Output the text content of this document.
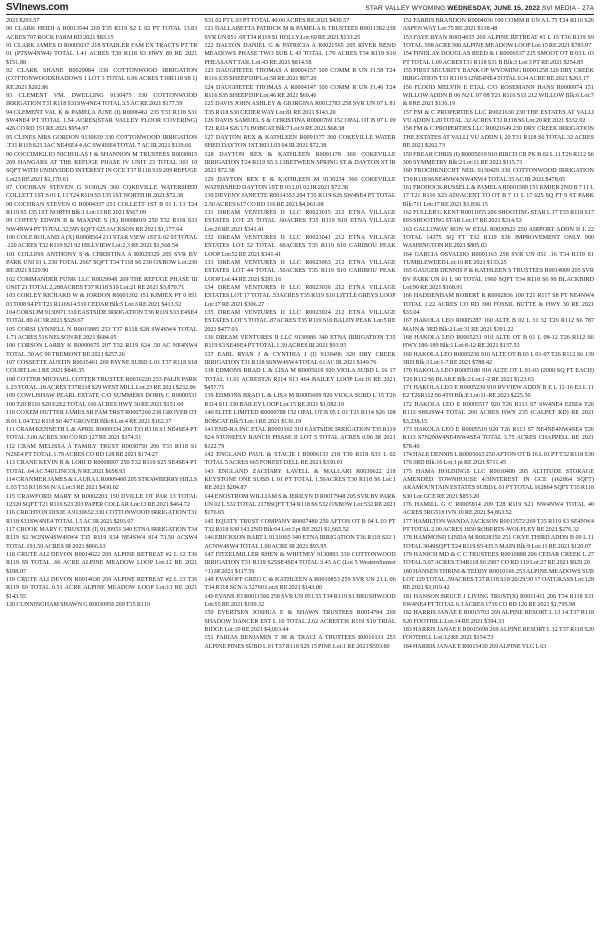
SVInews.com	STAR VALLEY WYOMING WEDNESDAY, JUNE 15, 2022 SVI MEDIA - 27A

2021 $293.57

90 CLARK HEIDI A R0013544 269 T35 R119 S2 L 02 PT TOTAL 13.83 ACRES 707 ROCK FARM RD 2021 $83.15

91 CLARK JAMES D R0005037 218 STADLER FAM EX TRACTS PT TR 01 (PTSW4NW4) TOTAL 1.41 ACRES T30 R118 S3 HWY 89 RE 2021 $151.88

92 CLARK SHANE R0029084 330 COTTONWOOD IRRIGATION (COTTONWOODSHADOWS 1 LOT 3 TOTAL 6.06 ACRES T30R118 S8 1) RE 2021 $202.86

93 CLEMENT VM. DWELLING 9130475 330 COTTONWOOD IRRIGATION T31 R118 S31SW4NE4 TOTAL 3.5 AC RE 2021 $177.59

94 CLEMENT VAL K & PAMELA JUNE (I) R0006461 235 T31 R118 S31 SW4NE4 PT TOTAL 1.54 ACRES(STAR VALLEY FLOOR COVERING) 426 CO RD 151 RE 2021 $954.97

95 CLINES MRS GORDON 9130639 330 COTTONWOOD IRRIGATION .T31 R119 S23 3AC NE4SE4 4 AC SW4NE4 TOTAL 7 AC IR 2021 $119.66

96 COCCIMIGLIO NICHOLAS I & SHANNON M TRUSTEES R0030815 269 HANGARS AT THE REFUGE PHASE IV UNIT 23 TOTAL 301 10 SQFT WITH UNDIVIDED INTEREST IN GCE T37 R118 S19 209 REFUGE Lot23 RE 2021 $2,170.61

97 COCHRAN STEVEN G 9130129 360 COKEVILLE WATERSHED COLLETT 1ST S 01 L 13 T24 R119 S5 135 1ST NORTH IR 2021 $72.38

98 COCHRAN STEVEN G R0004337 251 COLLETT 1ST B 01 L 13 T24 R119 S5 135 1ST NORTH Blk:1 Lot:13 RE 2021 $567.09

99 COFFEY EDWIN B & MAXINE S (X) R0008019 250 T32 R118 S33 NW4NW4 PT TOTAL 32,595 SQFT 625 JACKSON RE 2021 $1,177.64

100 COLE ROLAND A (X) R0008564 211 STAR VIEW 1ST L 02 03 TOTAL .120 ACRES T32 R119 S21 92 HILLVIEW Lot:2,3 RE 2021 $1,568.54

101 COLLINS ANTHONY S & CHRISTINA A R0029329 205 SVR BV PARK UNI 01 L 230 TOTAL 2667 SQFT T34 T118 S6 230 OXBOW Lot:230 RE 2021 $129.90

102 COMMANDER FUNK LLC R0029948 269 THE REFUGE PHASE III UNIT 21 TOTAL 2,288ACRES T37 R118 S19 Lot:21 RE 2021 $3,870.71

103 CORLEY RICHARD W & JORDON R0001392 151 KIMIEX PT 0 851 03 T008 94 PT T21 R116S14 510 CEDAR Blk:5 Lot:3 RE 2021 $413.52

104 CORSI JM 9130971 310 EASTSIDE IRRIGATION T36 R119 S33 E4SE4 TOTAL 80 AC IR 2021 $329.67

105 CORSI LYNNELL N R0015885 253 T37 R118 S28 SW4SW4 TOTAL 1.71 ACRES 516 NELSON RE 2021 $684.05

106 CORSON LARRY K R0000675 207 T32 R119 S24 .50 AC NE4NW4 TOTAL .50 AC 90 TREMONT RE 2021 $257.26

107 COSSETTE AUSTIN R0015461 269 PAYNE SUBD L 01 T37 R118 S18 COURT Lot:1 RE 2021 $840.35

108 COTTER MICHAEL COTTER TRUSTEE R0016220 253 PALIS PARK L 23 TOTAL .18 ACRES T37R118 S29 WEST MILL Lot:23 RE 2021 $232.96

109 COWLISHAW PEARL ESTATE C/O SUMMERS DORIS C R0000531 100 T20 R116 S20 E2E2 TOTAL 160 ACRES HWY 30 RE 2021 $151.60

110 COXEM HUTTER JAMES SR FAM TRST R0007260 238 GROVER OT B 01 L 04 T32 R118 S6 467 GROVER Blk:8 Lot:4 RE 2021 $162.37

111 CRAM KENNETH L & APRIL R0009334 206 T33 R118 S1 NE4SE4 PT TOTAL 3.00 ACRES 300 CO RD 127 RE 2021 $374.51

112 CRAM MELISSA A FAMILY TRUST R0030750 206 T33 R118 S1 N2SE4 PT TOTAL 1.79 ACRES CO RD 128 RE 2021 $174.27

113 CRANE KEVIN R & LORI D R0008007 250 T32 R119 S25 SE4SE4 PT TOTAL .64 AC 540 LINCOLN RE 2021 $658.93

114 CRANMER JAMES & LAURA L R0009400 205 STRAWBERRY HILLS L 03 T33 R118 S6 N/A Lot:3 RE 2021 $430.02

115 CRAWFORD MARY M R0002203 150 DVILLE OT PAR 13 TOTAL 12320 SQFT T21 R116 S23 203 PAPER COLLAR Lot:13 RE 2021 $464.72

116 CRICHTON DIXIE A 9130652 330 COTTONWOOD IRRIGATION T31 R118 S31SW4NE4 TOTAL 1.5 AC IR 2021 $203.07

117 CROOK MARY C TRUSTEE (I) 9130951 340 ETNA IRRIGATION T34 R119 S2 W2NW4SW4SW4 T35 R119 S34 NE4SW4 S14 73.50 ACSW4 TOTAL 191.50 ACRES IR 2021 $866.63

118 CRUTE ALI DEVON R0014622 269 ALPINE RETREAT #2 L 12 T36 R119 S9 TOTAL .66 ACRE ALPINE MEADOW LOOP Lot:12 RE 2021 $188.07

119 CRUTE ALI DEVON R0014630 269 ALPINE RETREAT #2 L 13 T36 R119 S9 TOTAL 0.51 ACRE ALPINE MEADOW LOOP Lot:13 RE 2021 $143.55

120 CUNNINGHAM SHAWN G R0030956 269 T35 R119

S31.02 PT L 03 PT TOTAL 40.00 ACRES RE 2021 $430.57

121 DALLABETTA PATRICK M & PAMELA K TRUSTEES R0011382 238 SVR UN 051 .69 T34 R119 S1 HOLLY Lot:69 RE 2021 $133.25

122 DALTON DANIEL G & PATRICIA A R0021565 205 RIVER BEND MEADOWS PHASE TWO SUB L 43 TOTAL 1.70 ACRES T34 R119 S10 PHEASANT TAIL Lot:43 RE 2021 $814.58

123 DAUGHETEE THOMAS A R0004157 100 COMM R UN J1.58 T24 R116 S35 SHEEP DIP Lot:58 RE 2021 $97.20

124 DAUGHETEE THOMAS A R0004147 100 COMM R UN J1.46 T24 R116 S35 SHEEP DIP Lot:46 RE 2021 $69.46

125 DAVIS JOHN ASHLEY & GIORGINA R0012783 258 SVR UN 07 L 81 T35 R118 S30 CEDER WAY Lot:81 RE 2021 $143.20

126 DAVIS SAMUEL S & CHRISTINA R0000769 152 OPAL OT B 07 L 09 T21 R114 S26 171 BOBCAT Blk:7 Lot:9 RE 2021 $68.38

127 DAYTON REX & KATHLEEN R0091177 360 COKEVILLE WATER SHED DAYTON 1ST B03 L03 04 IR 2021 $72.38

128 DAYTON REX & KATHLEEN R0091178 360 COKEVILLE IRRIGATION T24 R119 S5 3.13BETWEEN SPRING ST & DAYTON ST IR 2021 $72.38

129 DAYTON REX E & KATHLEEN M 9130234 360 COKEVILLE WATERSHED DAYTON 1ST B 03 L01 02 IR 2021 $72.38

130 DEVENY JANETTE R0014353 204 T35 R119 S26 SW4SE4 PT TOTAL 2.50 ACRES 617 CO RD 116 RE 2021 $4,061.08

131 DREAM VENTURES II LLC R0023015 212 ETNA VILLAGE ESTATES LOT 25 TOTAL .60ACRES T35 R119 S10 ETNA VILLAGE Lot:26 RE 2021 $341.41

132 DREAM VENTURES II LLC R0023041 212 ETNA VILLAGE ESTATES LOT 52 TOTAL .60ACRES T35 R119 S10 CARIBOU PEAK LOOP Lot:52 RE 2021 $341.41

133 DREAM VENTURES II LLC R0023063 212 ETNA VILLAGE ESTATES LOT 44 TOTAL .50ACRES T35 R119 S10 CARIBOU PEAK LOOP Lot:44 RE 2021 $291.16

134 DREAM VENTURES II LLC R0023036 212 ETNA VILLAGE ESTATES LOT 17 TOTAL .53ACRES T35 R119 S10 LITTLE GREYS LOOP Lot:17 RE 2021 $306.27

135 DREAM VENTURES II LLC R0023024 212 ETNA VILLAGE ESTATES LOT 5 TOTAL .87ACRES T35 R119 S10 BALDY PEAK Lot:5 RE 2021 $477.03

136 DREAM VENTURES II LLC 9130986 340 ETNA IRRIGATION T35 R119 S3 SE4SE4 PT TOTAL 1.39 ACRES IR 2021 $93.95

137 EARL RYAN J & CYNTHIA J (I) 9130496 320 DRY CREEK IRRIGATION T31 R118 S6NW4SW4 TOTAL 61 AC IR 2021 $149.76

138 EDMONS BRAD L & LISA M R0005610 920 VIOLA SUBD L 16 17 TOTAL 11.01 ACREST26 R114 S13 464 BAILEY LOOP Lot:16 RE 2021 $457.71

139 EDMONS BRAD L & LISA M R0005609 920 VIOLA SUBD L 15 T26 R114 S11 330 BAILEY LOOP Lot:15 RE 2021 $1,082.10

140 ELITE LIMITED R0000788 152 OPAL OT B 05 L 01 T21 R114 S26 108 BOBCAT Blk:5 Lot:1 RE 2021 $136.19

141 END-RA INC ETAL R0091102 310 EASTSIDE IRRIGATION T35 R119 S24 STONEFLY RANCH PHASE II LOT 5 TOTAL ACRES 0.96 IR 2021 $122.79

142 ENGLAND PAUL & STACIE I R0006133 218 T30 R118 S33 L 02 TOTAL 5 ACRES 665 FOREST DELL RE 2021 $330.01

143 ENGLAND ZACHARY LAVELL & MALLARI R0030622 218 KEYSTONE ONE SUBD L 01 PT TOTAL 1.50ACRES T30 R118 S6 Lot:1 RE 2021 $284.87

144 ENOSTROM WILLIAM S & JERILYN D R0017948 205 SVR BV PARK UN 02 L 532 TOTAL 2178SQFT T34 R118 S6 532 OXBOW Lot:532 RE 2021 $176.65

145 EQUITY TRUST COMPANY R0007480 250 AFTON OT B 04 L 03 PT T32 R118 S30 143 2ND Blk:04 Lot:3 pt RE 2021 $1,665.52

146 ERICKSON BART L 9131065 340 ETNA IRRIGATION T36 R119 S22 1 ACNW4SW4 TOTAL 1.00 ACRE IR 2021 $93.95

147 FITZELMILLER RHEN & WHITNEY 9130893 330 COTTONWOOD IRRIGATION T31 R119 S25SE4SE4 TOTAL 3.43 AC (Lot 5 WesternSunset +1) IR 2021 $117.59

148 EVANOFF GREG C & KATHLEEN A R0010853 259 SVR UN 21 L 06 T34 R118 S6 N/A 32760 Lot:6 RE 2021 $143.00

149 EVANS JO R0011566 258 SVR UN 051.55 T34 R119 S1 BRUSHWOOD Lot:55 RE 2021 $199.32

150 EVERTSEN JOSHUA E & SHAWN TRUSTEES R0014784 269 SHADOW DANCER EST L 10 TOTAL 2.62 ACREST36 R119 S10 TRIAL RIDGE Lot:10 RE 2021 $4,063.44

151 FARIAS BENJAMIN T JR & TRACI A TRUSTEES R0016131 253 ALPINE PINES SUBD L 01 T37 R118 S29 15 PINE Lot:1 RE 2021 $593.80

152 FARRIS BRANDON R0004036 100 COMM R UN A L 75 T24 R116 S26 ASPEN WAY Lot:75 RE 2021 $138.48

153 FAYE RYAN R0014655 269 ALPINE RETREAT #1 L 15 T36 R119 S9 TOTAL .598 ACRE 500 ALPINE MEADOW LOOP Lot:15 RE 2021 $783.97

154 FINDLAY DOUGLAS REED & I R0006537 235 SMOOT OT B 03 L 03 PT TOTAL 1.09 ACREST31 R118 S31 B Blk:3 Lot:3 PT RE 2021 $254.85

155 FIRST SECURITY BANK OF WYOMING R0091258 320 DRY CREEK IRRIGATION T31 R119 S12NE4NE4 TOTAL 0.34 ACRE RE 2021 $263.17

156 FLOOD MELVIN E ETAL C/O ROSEMANN HANS R0000974 151 WILLOW ADDN B 06 N2 L 07 08 T21 R116 S13 212 WILLOW Blk:6 Lot:7 & 8 RE 2021 $136.19

157 FM & C PROPERTIES LLC R0021630 230 THE ESTATES AT VALLI VU ADDN L 20 TOTAL .32 ACRES T31 R118 S6 Lot:20 RE 2021 $332.02

158 FM & C PROPERTIES LLC R0021649 230 DRY CREEK IRRIGATION THE ESTATES AT VALLI VU ADDN L 20 T31 R118 S6 TOTAL.32 ACRES RE 2021 $262.73

159 FREAR CHRIS (I) R0005019 910 BIRCH CR PK B 02 L 11 T26 R112 S6 300 SYMMETRY Blk:2 Lot:11 RE 2021 $115.71

160 FROCHKNECHT NEIL 9130429 330 COTTONWOOD IRRIGATION T30 R118 S6NE4NW4 NW4NW4 TOTAL 35 AC IR 2021 $478.05

161 FROHOCK RUSSELL & PAMELA R0001589 151 KMIER 2ND B 7 11 L 17 T21 R116 S23 ADJACENT TO OT B 7 11 L 17 625 SQ FT 9 ST PARK Blk:711 Lot:17 RE 2021 $1,836.15

162 FULLER G KENT R0011055 206 SHOOTING STAR L 17 T33 R118 S17 893 SHOOTING STAR Lot:17 RE 2021 $314.53

163 GALLOWAY RON W ETAL R0030923 250 AIRPORT ADDN II L 22 TOTAL 14375 SQ FT T32 R119 S36 IMPROVEMENT ONLY 900 WASHINGTON RE 2021 $805.83

164 GARCIA OSVALDO R0001163 258 SVR UN 051 .16 T34 R119 S1 TUMBLEWEED Lot:16 RE 2021 $133.25

165 GAUGER DENNIS P & KATHLEEN S TRUSTEES R0014909 205 SVR BV PARK UN 01 L 90 TOTAL 1960 SQFT T34 R118 S6 90 BLACKBIRD Lot:90 RE 2021 $168.91

166 HADDENHAM ROBERT R R0002836 100 T21 R117 S8 PT NE4NW4 TOTAL 1.22 ACRES CO RD 300 FOSSIL BUTTE & HWY 30 RE 2021 $33.04

167 HAKOLA LEO R0005287 160 ALTE B 02 L 31 32 T26 R112 S6 787 MAIN & 3RD Blk:2 Lot:31 RE 2021 $391.22

168 HAKOLA LEO R0005231 910 ALTE OT B 01 L 08-12 T26 R112 S6 HWY 180-189 Blk:1 Lot:8-12 RE 2021 $137.53

169 HAKOLA LEO R0005230 910 ALTE OT B 03 L 01-07 T26 R112 S6 139 3RD Blk:3 Lot:1-7 RE 2021 $788.42

170 HAKOLA LEO R0005180 910 ALTE OT L 01-03 (2000 SQ FT EACH) T26 R112 S6 BLAKE Blk:2 Lot:1-2 RE 2021 $123.63

171 HAKOLA LEO E R0005239 910 RVVIEW ADDN B E L 11-16 E2 L 11 E2 T26R112 S6 4TH Blk:E Lot:11-RE 2021 $225.50

172 HAKOLA LEO E R0005517 920 T26 R113 S7 SW4NE4 E2SE4 T26 R113 S8S2SW4 TOTAL 200 ACRES HWY 235 (CALPET RD) RE 2021 $3,238.15

173 HAKOLA LEO E R0005519 920 T26 R113 S7 NE4NE4NW4SE4 T26 R113 S7N2NW4NE4NW4SE4 TOTAL 3.75 ACRES CHAPPELL RE 2021 $78.40

174 HALE DENNIS L R0005663 250 AFTON OT B 16 L 01 PT T32 R118 S30 176 3RD Blk:16 Lot:1 pt RE 2021 $711.45

175 HAMA HOLDINGS LLC R0030480 205 ALTITUDE STORAGE AMENDED TOWNHOUSE 4/3INTEREST IN GCE (162864 SQFT) AKAMOUNTAIN ESTATES SUBD L 01 PT TOTAL 162864 SQFT T35 R118 S30 Lot:GCE RE 2021 $853.20

176 HAMILL G C R0005814 209 T28 R119 S21 NW4NW4 TOTAL 40 ACRES 3RG518 IVN 10 RE 2021 $4,863.52

177 HAMILTON WANDA JACKSON R0013572 269 T35 R119 S3 SE4NW4 PT TOTAL 2.00 ACRES 1830 ROBERTS-WOLFLEY RE 2021 $276.32

178 HAMMOND LINDA M R0028350 251 CKYE THIRD ADDN B 09 L 11 TOTAL 3049SQFT T24 R119 S5 435.5 MAIN Blk:9 Lot:11 RE 2021 $120.07

179 HANICH MD & C C TRUSTEES R0010888 206 CEDAR CREEK L 27 TOTAL 5.07 ACRES T34R118 S6 2907 CO RD 119 Lot:27 RE 2021 $929.20

180 HANSEN THRINI & TEDDY R0010166 253 ALPINE MEADOWS SUB LOT 129 TOTAL .59ACRES T37 R118 S19/20/29/30 17 OATGRASS Lot:128 RE 2021 $3,019.42

181 HANSON BRUCE J LIVING TRUST(X) R0011411 206 T34 R118 S31 SW4NE4 PT TOTAL 6.3 ACRES 1736 CO RD 126 RE 2021 $1,795.98

182 HARRIS JANAE E R0015703 269 ALPINE RESORT L 13 14 T37 R118 S20 FOOTHILL Lot:14 RE 2021 $394.33

183 HARRIS JANAE E R0015698 269 ALPINE RESORT L 12 T37 R118 S20 FOOTHILL Lot:12 RE 2021 $154.73

184 HARRIS JANAE E R0015430 269 ALPINE VLG L 63
